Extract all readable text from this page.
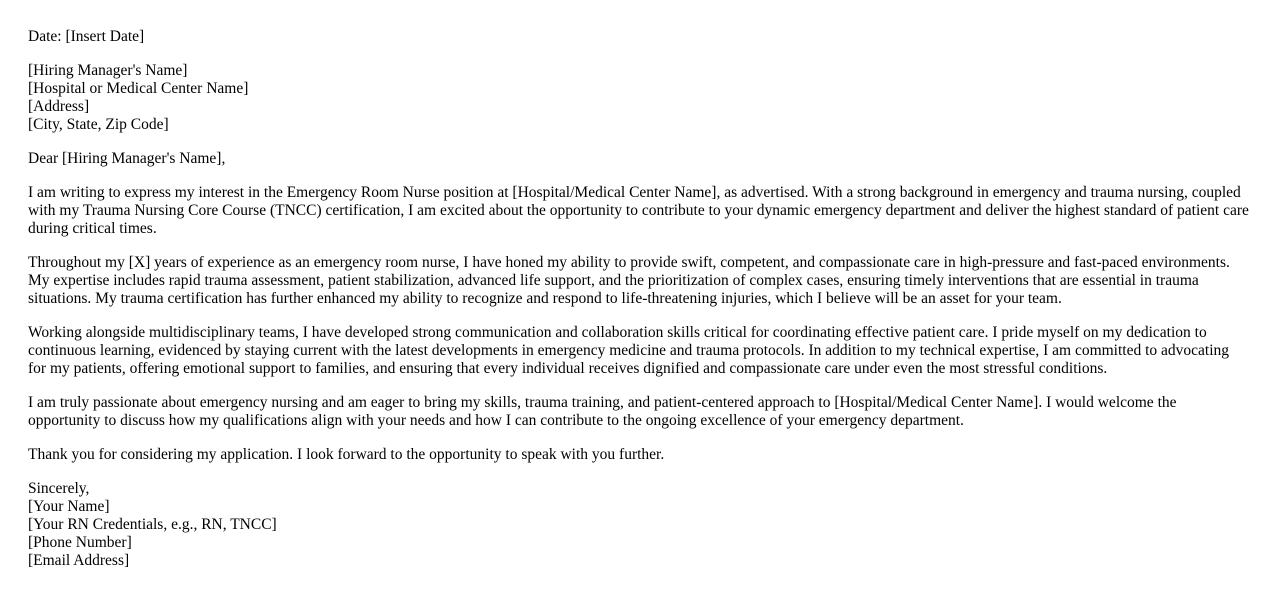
Date: [Insert Date]

[Hiring Manager's Name]
[Hospital or Medical Center Name]
[Address]
[City, State, Zip Code]

Dear [Hiring Manager's Name],

I am writing to express my interest in the Emergency Room Nurse position at [Hospital/Medical Center Name], as advertised. With a strong background in emergency and trauma nursing, coupled with my Trauma Nursing Core Course (TNCC) certification, I am excited about the opportunity to contribute to your dynamic emergency department and deliver the highest standard of patient care during critical times.

Throughout my [X] years of experience as an emergency room nurse, I have honed my ability to provide swift, competent, and compassionate care in high-pressure and fast-paced environments. My expertise includes rapid trauma assessment, patient stabilization, advanced life support, and the prioritization of complex cases, ensuring timely interventions that are essential in trauma situations. My trauma certification has further enhanced my ability to recognize and respond to life-threatening injuries, which I believe will be an asset for your team.

Working alongside multidisciplinary teams, I have developed strong communication and collaboration skills critical for coordinating effective patient care. I pride myself on my dedication to continuous learning, evidenced by staying current with the latest developments in emergency medicine and trauma protocols. In addition to my technical expertise, I am committed to advocating for my patients, offering emotional support to families, and ensuring that every individual receives dignified and compassionate care under even the most stressful conditions.

I am truly passionate about emergency nursing and am eager to bring my skills, trauma training, and patient-centered approach to [Hospital/Medical Center Name]. I would welcome the opportunity to discuss how my qualifications align with your needs and how I can contribute to the ongoing excellence of your emergency department.

Thank you for considering my application. I look forward to the opportunity to speak with you further.

Sincerely,
[Your Name]
[Your RN Credentials, e.g., RN, TNCC]
[Phone Number]
[Email Address]
